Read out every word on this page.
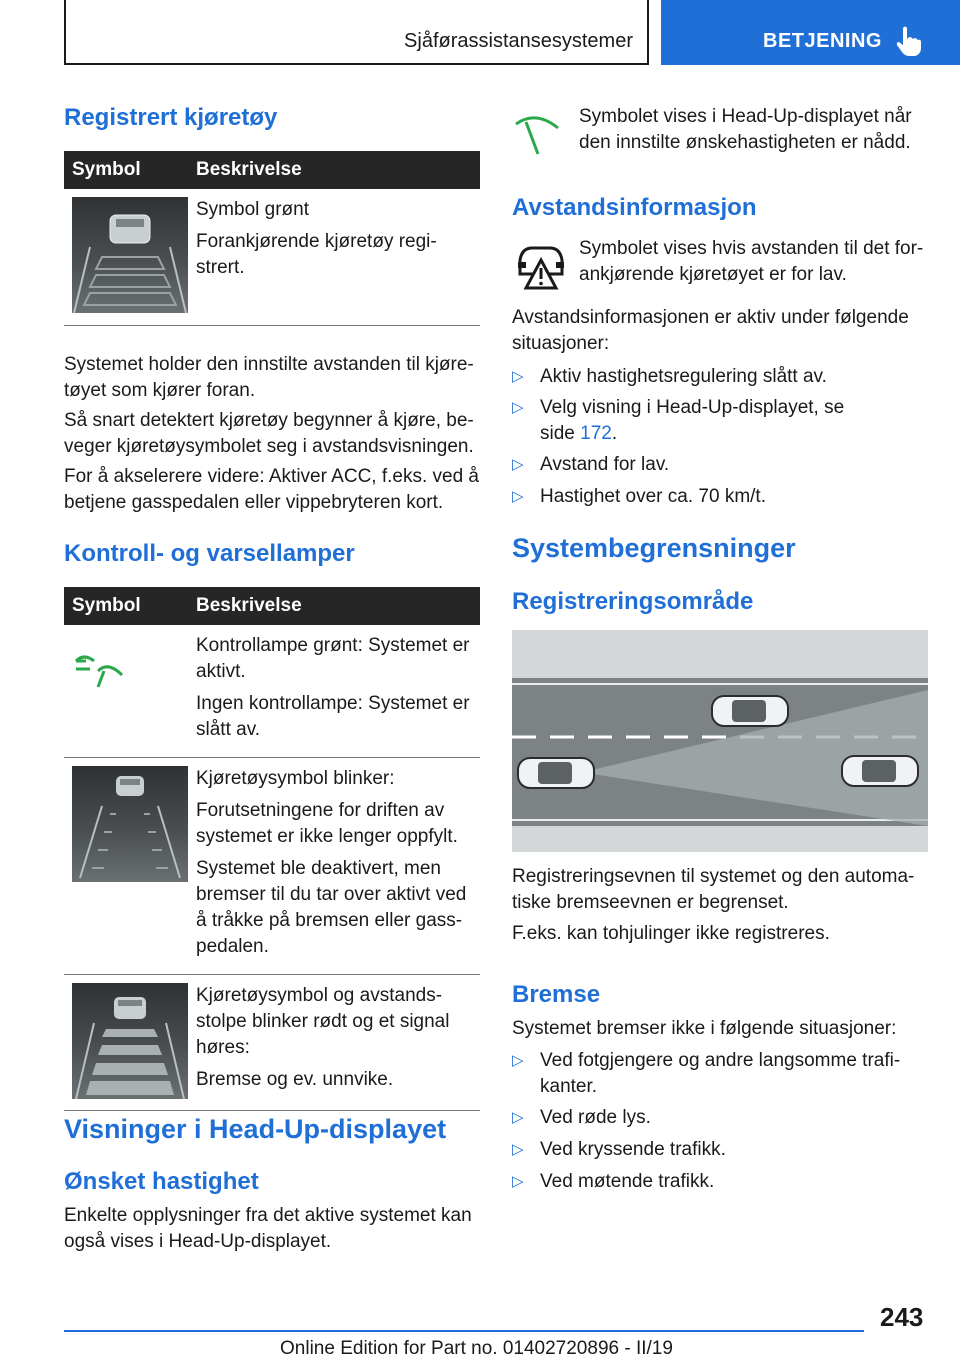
Sjåførassistansesystemer	BETJENING
Registrert kjøretøy
Symbol	Beskrivelse

Symbol grønt
Forankjørende kjøretøy regi-strert.
Systemet holder den innstilte avstanden til kjøre-tøyet som kjører foran.
Så snart detektert kjøretøy begynner å kjøre, be-veger kjøretøysymbolet seg i avstandsvisningen.
For å akselerere videre: Aktiver ACC, f.eks. ved å betjene gasspedalen eller vippebryteren kort.
Kontroll- og varsellamper
Symbol	Beskrivelse

Kontrollampe grønt: Systemet er aktivt.
Ingen kontrollampe: Systemet er slått av.

Kjøretøysymbol blinker:
Forutsetningene for driften av systemet er ikke lenger oppfylt.
Systemet ble deaktivert, men bremser til du tar over aktivt ved å tråkke på bremsen eller gass-pedalen.

Kjøretøysymbol og avstands-stolpe blinker rødt og et signal høres:
Bremse og ev. unnvike.
Visninger i Head-Up-displayet
Ønsket hastighet
Enkelte opplysninger fra det aktive systemet kan også vises i Head-Up-displayet.
Symbolet vises i Head-Up-displayet når den innstilte ønskehastigheten er nådd.
Avstandsinformasjon
Symbolet vises hvis avstanden til det for-ankjørende kjøretøyet er for lav.
Avstandsinformasjonen er aktiv under følgende situasjoner:
▷ Aktiv hastighetsregulering slått av.
▷ Velg visning i Head-Up-displayet, se
side 172.
▷ Avstand for lav.
▷ Hastighet over ca. 70 km/t.
Systembegrensninger
Registreringsområde
Registreringsevnen til systemet og den automa-tiske bremseevnen er begrenset.
F.eks. kan tohjulinger ikke registreres.
Bremse
Systemet bremser ikke i følgende situasjoner:
▷ Ved fotgjengere og andre langsomme trafi-kanter.
▷ Ved røde lys.
▷ Ved kryssende trafikk.
▷ Ved møtende trafikk.
243
Online Edition for Part no. 01402720896 - II/19
